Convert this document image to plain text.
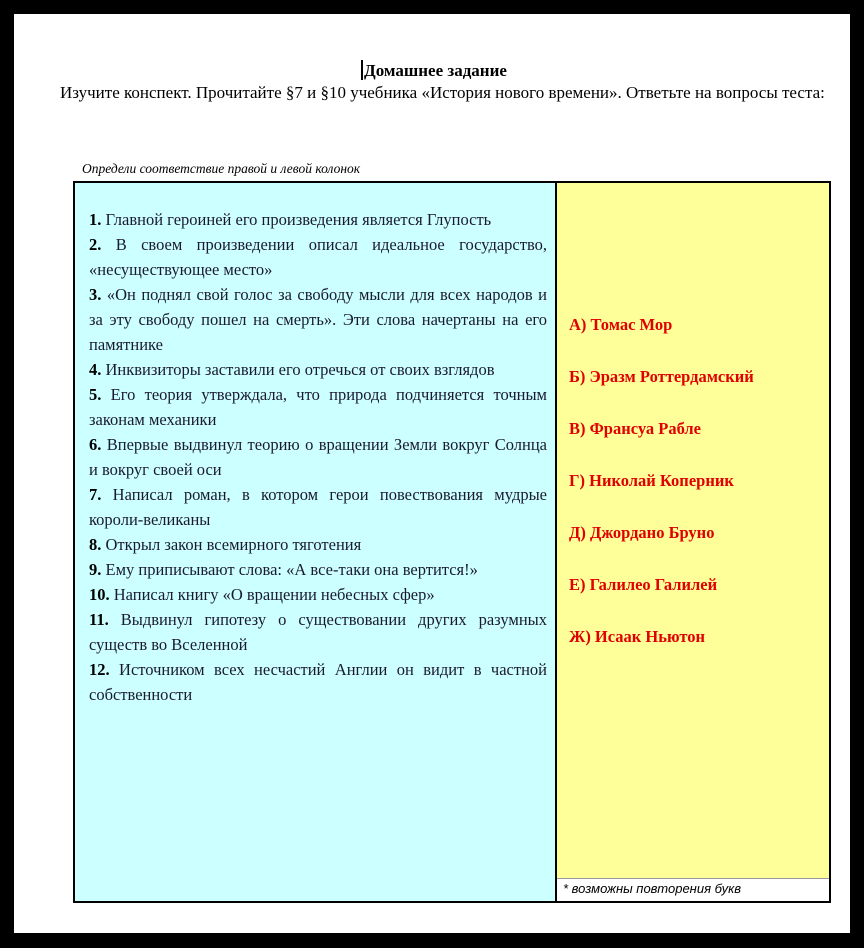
Домашнее задание
Изучите конспект. Прочитайте §7 и §10 учебника «История нового времени». Ответьте на вопросы теста:
Определи соответствие правой и левой колонок

1. Главной героиней его произведения является Глупость

2. В своем произведении описал идеальное государство, «несуществующее место»

3. «Он поднял свой голос за свободу мысли для всех народов и за эту свободу пошел на смерть». Эти слова начертаны на его памятнике

4. Инквизиторы заставили его отречься от своих взглядов

5. Его теория утверждала, что природа подчиняется точным законам механики

6. Впервые выдвинул теорию о вращении Земли вокруг Солнца и вокруг своей оси

7. Написал роман, в котором герои повествования мудрые короли-великаны

8. Открыл закон всемирного тяготения

9. Ему приписывают слова: «А все-таки она вертится!»

10. Написал книгу «О вращении небесных сфер»

11. Выдвинул гипотезу о существовании других разумных существ во Вселенной

12. Источником всех несчастий Англии он видит в частной собственности

А) Томас Мор
Б) Эразм Роттердамский
В) Франсуа Рабле
Г) Николай Коперник
Д) Джордано Бруно
Е) Галилео Галилей
Ж) Исаак Ньютон
* возможны повторения букв
